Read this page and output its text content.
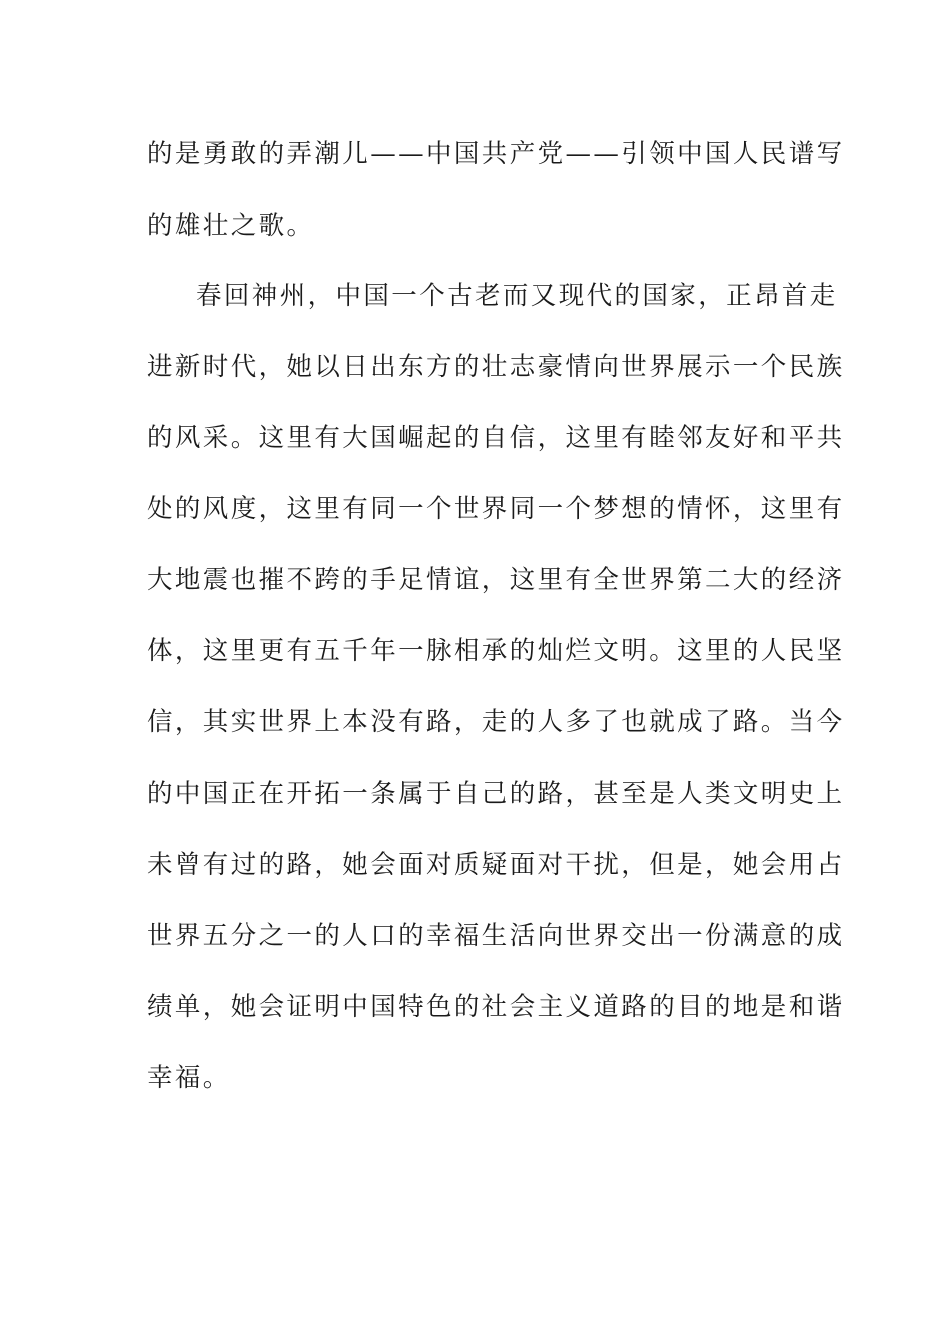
的是勇敢的弄潮儿——中国共产党——引领中国人民谱写

的雄壮之歌。

春回神州，中国一个古老而又现代的国家，正昂首走

进新时代，她以日出东方的壮志豪情向世界展示一个民族

的风采。这里有大国崛起的自信，这里有睦邻友好和平共

处的风度，这里有同一个世界同一个梦想的情怀，这里有

大地震也摧不跨的手足情谊，这里有全世界第二大的经济

体，这里更有五千年一脉相承的灿烂文明。这里的人民坚

信，其实世界上本没有路，走的人多了也就成了路。当今

的中国正在开拓一条属于自己的路，甚至是人类文明史上

未曾有过的路，她会面对质疑面对干扰，但是，她会用占

世界五分之一的人口的幸福生活向世界交出一份满意的成

绩单，她会证明中国特色的社会主义道路的目的地是和谐

幸福。
